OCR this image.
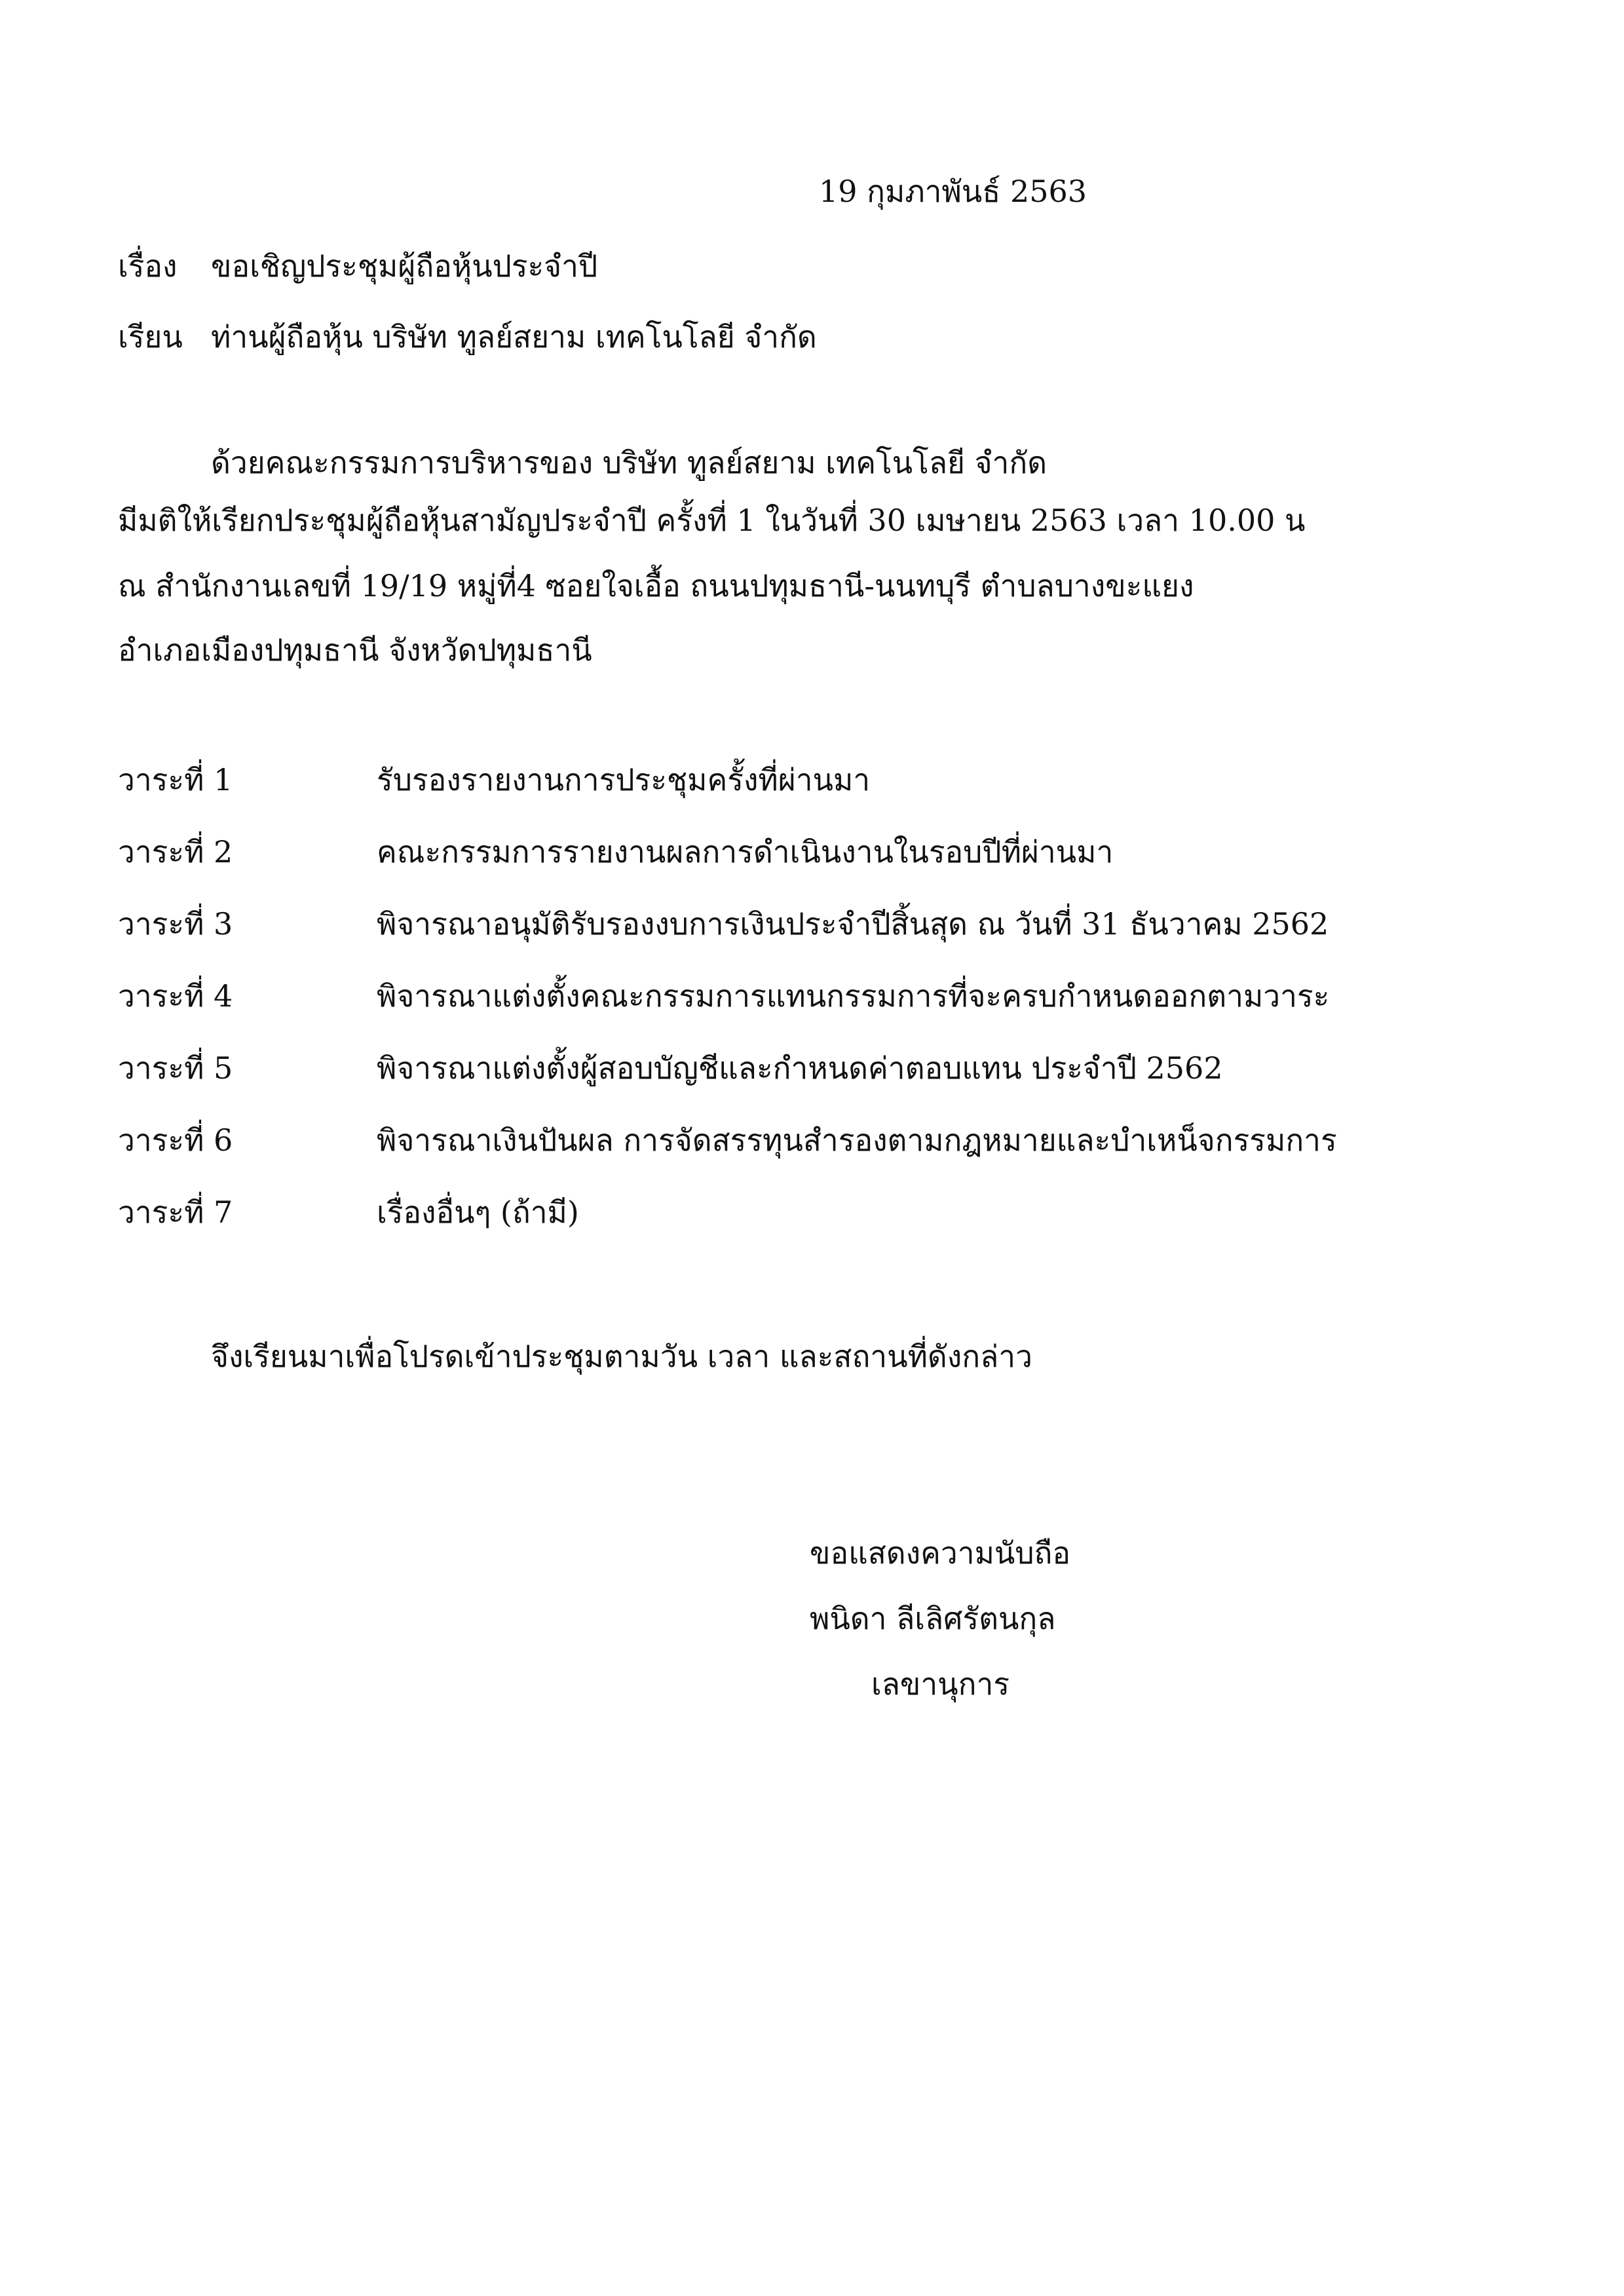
19 กุมภาพันธ์ 2563
เรื่อง ขอเชิญประชุมผู้ถือหุ้นประจำปี
เรียน ท่านผู้ถือหุ้น บริษัท ทูลย์สยาม เทคโนโลยี จำกัด
ด้วยคณะกรรมการบริหารของ บริษัท ทูลย์สยาม เทคโนโลยี จำกัด
มีมติให้เรียกประชุมผู้ถือหุ้นสามัญประจำปี ครั้งที่ 1 ในวันที่ 30 เมษายน 2563 เวลา 10.00 น
ณ สำนักงานเลขที่ 19/19 หมู่ที่4 ซอยใจเอื้อ ถนนปทุมธานี-นนทบุรี ตำบลบางขะแยง
อำเภอเมืองปทุมธานี จังหวัดปทุมธานี
วาระที่ 1	รับรองรายงานการประชุมครั้งที่ผ่านมา
วาระที่ 2	คณะกรรมการรายงานผลการดำเนินงานในรอบปีที่ผ่านมา
วาระที่ 3	พิจารณาอนุมัติรับรองงบการเงินประจำปีสิ้นสุด ณ วันที่ 31 ธันวาคม 2562
วาระที่ 4	พิจารณาแต่งตั้งคณะกรรมการแทนกรรมการที่จะครบกำหนดออกตามวาระ
วาระที่ 5	พิจารณาแต่งตั้งผู้สอบบัญชีและกำหนดค่าตอบแทน ประจำปี 2562
วาระที่ 6	พิจารณาเงินปันผล การจัดสรรทุนสำรองตามกฎหมายและบำเหน็จกรรมการ
วาระที่ 7	เรื่องอื่นๆ (ถ้ามี)
จึงเรียนมาเพื่อโปรดเข้าประชุมตามวัน เวลา และสถานที่ดังกล่าว
ขอแสดงความนับถือ
พนิดา ลีเลิศรัตนกุล
เลขานุการ
